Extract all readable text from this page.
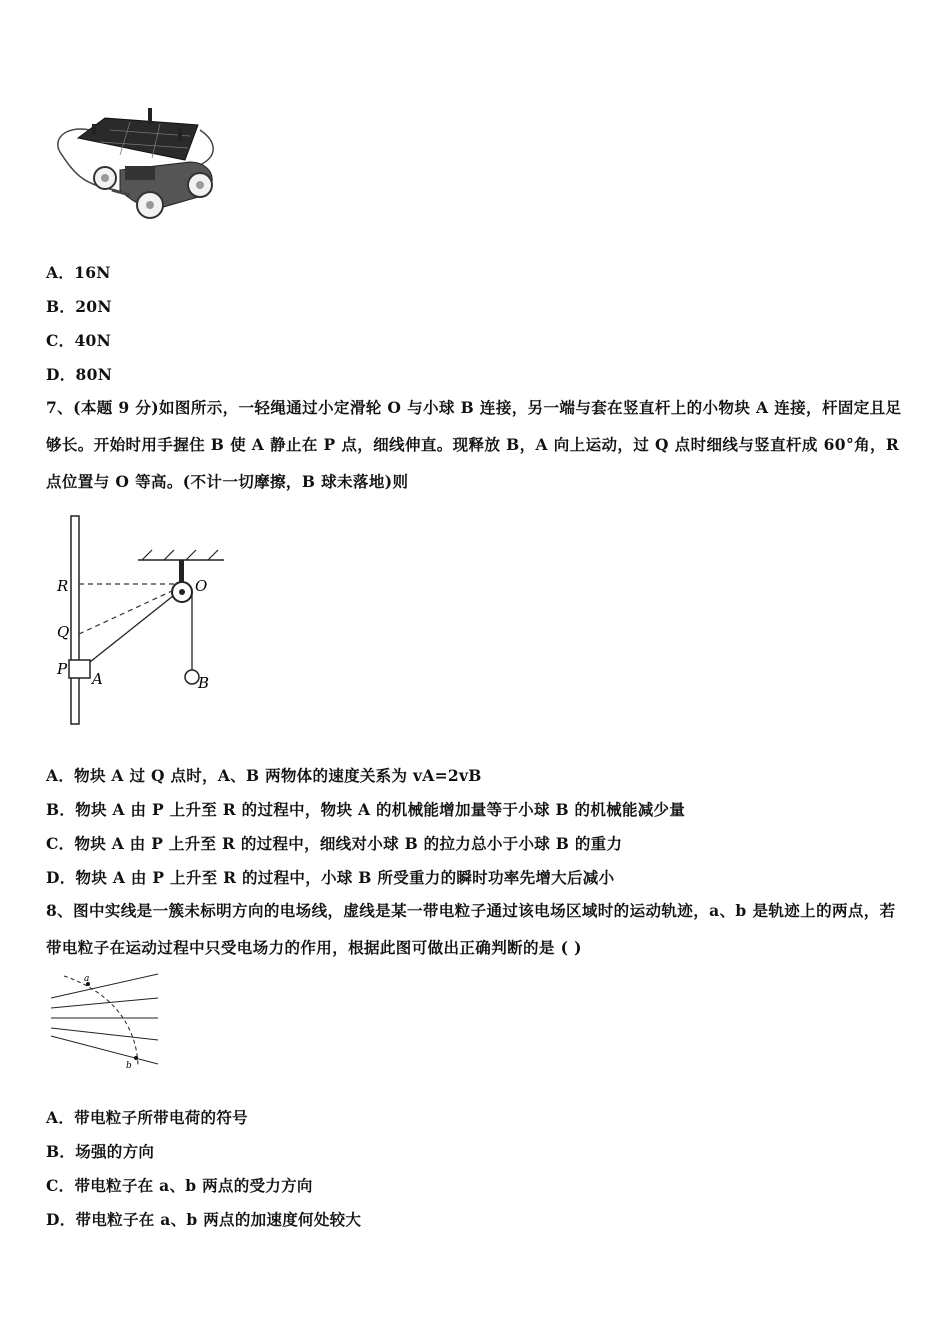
A．16N
B．20N
C．40N
D．80N
7、(本题 9 分)如图所示，一轻绳通过小定滑轮 O 与小球 B 连接，另一端与套在竖直杆上的小物块 A 连接，杆固定且足够长。开始时用手握住 B 使 A 静止在 P 点，细线伸直。现释放 B，A 向上运动，过 Q 点时细线与竖直杆成 60°角，R 点位置与 O 等高。(不计一切摩擦，B 球未落地)则
R
Q
P
A
O
B
A．物块 A 过 Q 点时，A、B 两物体的速度关系为 vA=2vB
B．物块 A 由 P 上升至 R 的过程中，物块 A 的机械能增加量等于小球 B 的机械能减少量
C．物块 A 由 P 上升至 R 的过程中，细线对小球 B 的拉力总小于小球 B 的重力
D．物块 A 由 P 上升至 R 的过程中，小球 B 所受重力的瞬时功率先增大后减小
8、图中实线是一簇未标明方向的电场线，虚线是某一带电粒子通过该电场区域时的运动轨迹，a、b 是轨迹上的两点，若带电粒子在运动过程中只受电场力的作用，根据此图可做出正确判断的是 ( )
a
b
A．带电粒子所带电荷的符号
B．场强的方向
C．带电粒子在 a、b 两点的受力方向
D．带电粒子在 a、b 两点的加速度何处较大
